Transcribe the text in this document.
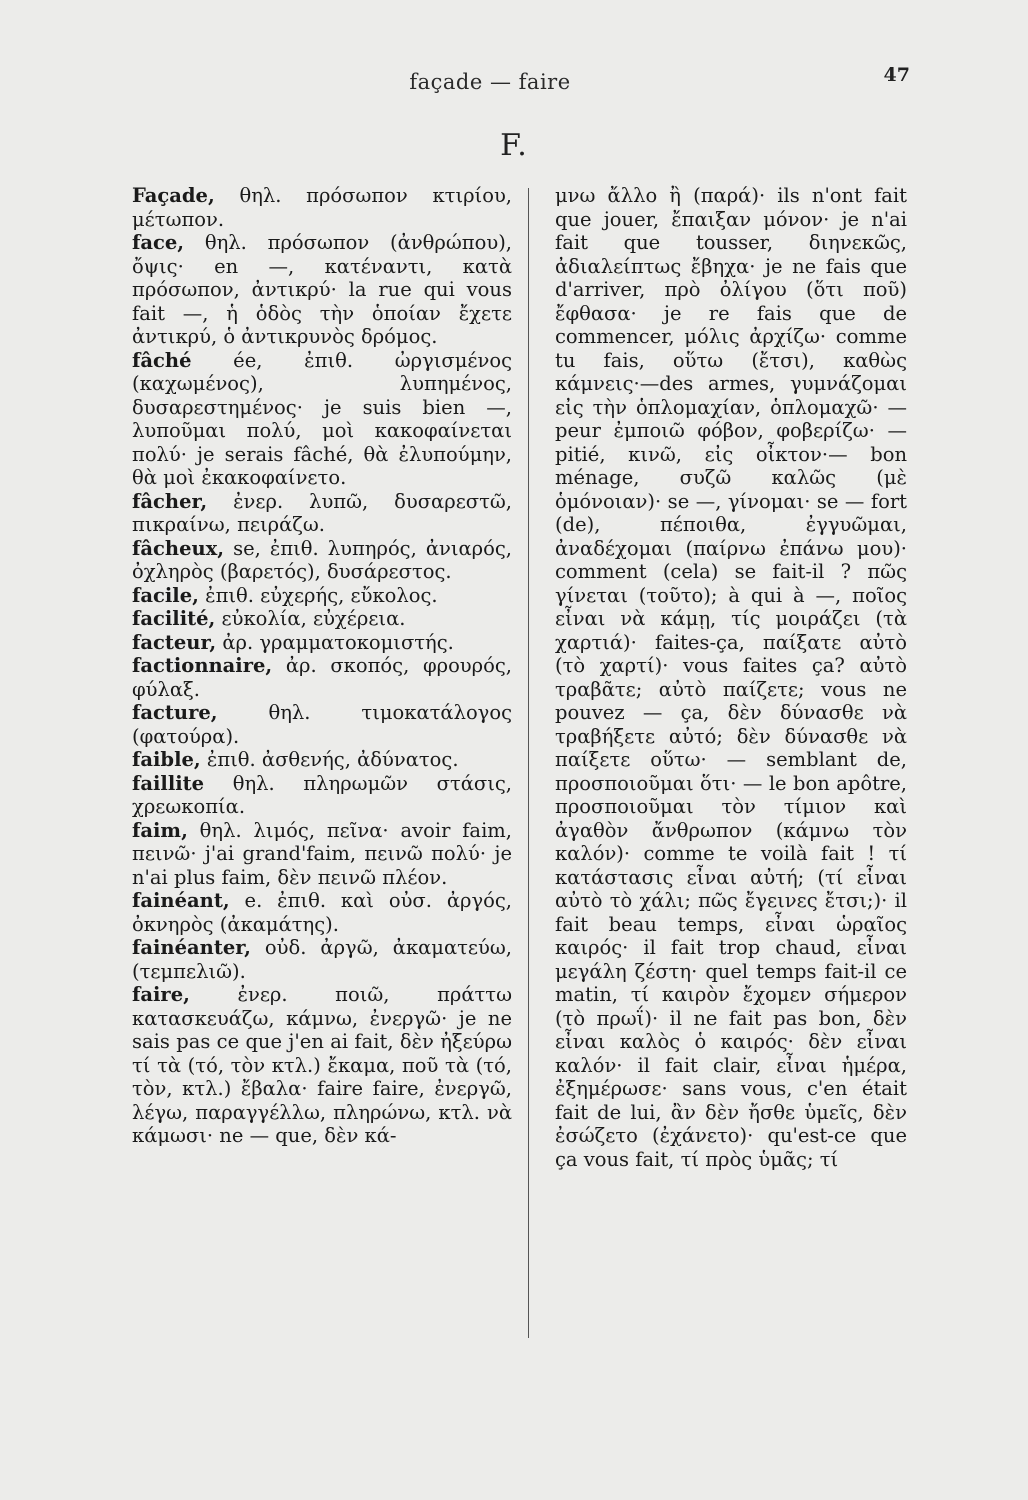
façade — faire	47
F.

Façade, θηλ. πρόσωπον κτιρίου, μέτωπον.

face, θηλ. πρόσωπον (ἀνθρώπου), ὄψις· en —, κατέναντι, κατὰ πρόσωπον, ἀντικρύ· la rue qui vous fait —, ἡ ὁδὸς τὴν ὁποίαν ἔχετε ἀντικρύ, ὁ ἀντικρυνὸς δρόμος.

fâché ée, ἐπιθ. ὠργισμένος (καχωμένος), λυπημένος, δυσαρεστημένος· je suis bien —, λυποῦμαι πολύ, μοὶ κακοφαίνεται πολύ· je serais fâché, θὰ ἐλυπούμην, θὰ μοὶ ἐκακοφαίνετο.

fâcher, ἐνερ. λυπῶ, δυσαρεστῶ, πικραίνω, πειράζω.

fâcheux, se, ἐπιθ. λυπηρός, ἀνιαρός, ὀχληρὸς (βαρετός), δυσάρεστος.

facile, ἐπιθ. εὐχερής, εὔκολος.

facilité, εὐκολία, εὐχέρεια.

facteur, ἀρ. γραμματοκομιστής.

factionnaire, ἀρ. σκοπός, φρουρός, φύλαξ.

facture, θηλ. τιμοκατάλογος (φατούρα).

faible, ἐπιθ. ἀσθενής, ἀδύνατος.

faillite θηλ. πληρωμῶν στάσις, χρεωκοπία.

faim, θηλ. λιμός, πεῖνα· avoir faim, πεινῶ· j'ai grand'faim, πεινῶ πολύ· je n'ai plus faim, δὲν πεινῶ πλέον.

fainéant, e. ἐπιθ. καὶ οὐσ. ἀργός, ὀκνηρὸς (ἀκαμάτης).

fainéanter, οὐδ. ἀργῶ, ἀκαματεύω, (τεμπελιῶ).

faire, ἐνερ. ποιῶ, πράττω κατασκευάζω, κάμνω, ἐνεργῶ· je ne sais pas ce que j'en ai fait, δὲν ἠξεύρω τί τὰ (τό, τὸν κτλ.) ἔκαμα, ποῦ τὰ (τό, τὸν, κτλ.) ἔβαλα· faire faire, ἐνεργῶ, λέγω, παραγγέλλω, πληρώνω, κτλ. νὰ κάμωσι· ne — que, δὲν κά-

μνω ἄλλο ἢ (παρά)· ils n'ont fait que jouer, ἔπαιξαν μόνον· je n'ai fait que tousser, διηνεκῶς, ἀδιαλείπτως ἔβηχα· je ne fais que d'arriver, πρὸ ὀλίγου (ὅτι ποῦ) ἔφθασα· je re fais que de commencer, μόλις ἀρχίζω· comme tu fais, οὕτω (ἔτσι), καθὼς κάμνεις·—des armes, γυμνάζομαι εἰς τὴν ὁπλομαχίαν, ὁπλομαχῶ· — peur ἐμποιῶ φόβον, φοβερίζω· — pitié, κινῶ, εἰς οἶκτον·— bon ménage, συζῶ καλῶς (μὲ ὁμόνοιαν)· se —, γίνομαι· se — fort (de), πέποιθα, ἐγγυῶμαι, ἀναδέχομαι (παίρνω ἐπάνω μου)· comment (cela) se fait-il ? πῶς γίνεται (τοῦτο); à qui à —, ποῖος εἶναι νὰ κάμῃ, τίς μοιράζει (τὰ χαρτιά)· faites-ça, παίξατε αὐτὸ (τὸ χαρτί)· vous faites ça? αὐτὸ τραβᾶτε; αὐτὸ παίζετε; vous ne pouvez — ça, δὲν δύνασθε νὰ τραβήξετε αὐτό; δὲν δύνασθε νὰ παίξετε οὕτω· — semblant de, προσποιοῦμαι ὅτι· — le bon apôtre, προσποιοῦμαι τὸν τίμιον καὶ ἀγαθὸν ἄνθρωπον (κάμνω τὸν καλόν)· comme te voilà fait ! τί κατάστασις εἶναι αὐτή; (τί εἶναι αὐτὸ τὸ χάλι; πῶς ἔγεινες ἔτσι;)· il fait beau temps, εἶναι ὡραῖος καιρός· il fait trop chaud, εἶναι μεγάλη ζέστη· quel temps fait-il ce matin, τί καιρὸν ἔχομεν σήμερον (τὸ πρωΐ)· il ne fait pas bon, δὲν εἶναι καλὸς ὁ καιρός· δὲν εἶναι καλόν· il fait clair, εἶναι ἡμέρα, ἐξημέρωσε· sans vous, c'en était fait de lui, ἂν δὲν ἤσθε ὑμεῖς, δὲν ἐσώζετο (ἐχάνετο)· qu'est-ce que ça vous fait, τί πρὸς ὑμᾶς; τί
